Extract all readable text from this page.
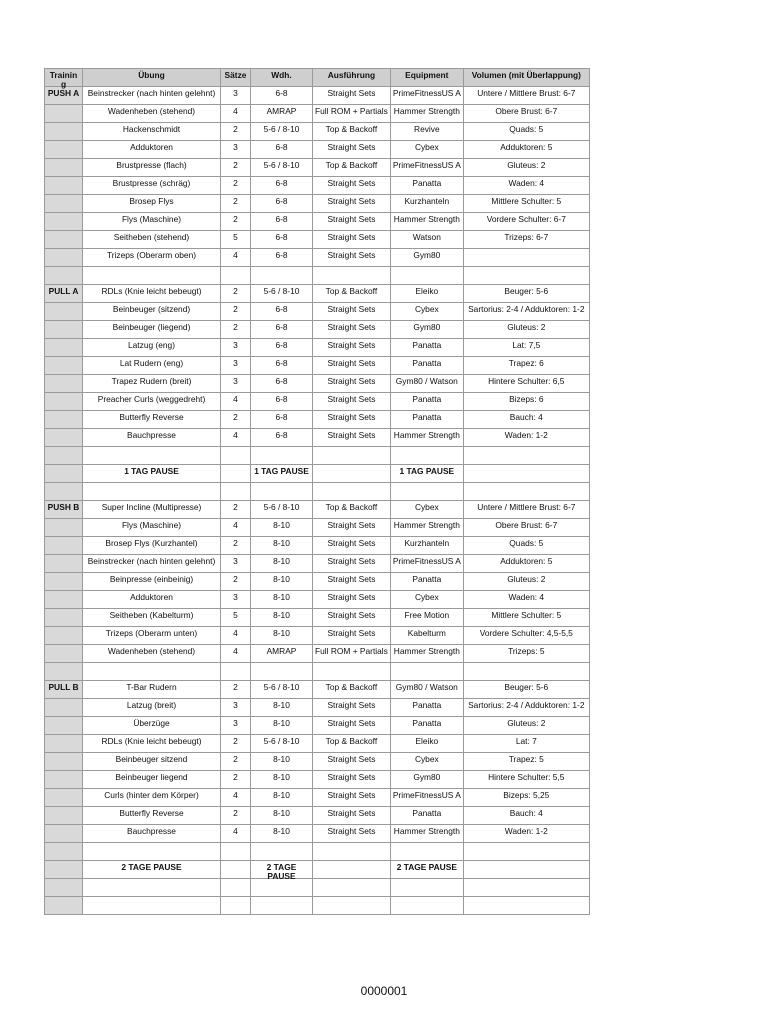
Trainin g	Übung	Sätze	Wdh.	Ausführung	Equipment	Volumen (mit Überlappung)

PUSH A	Beinstrecker (nach hinten gelehnt)	3	6-8	Straight Sets	PrimeFitnessUS A	Untere / Mittlere Brust: 6-7

	Wadenheben (stehend)	4	AMRAP	Full ROM + Partials	Hammer Strength	Obere Brust: 6-7

	Hackenschmidt	2	5-6 / 8-10	Top & Backoff	Revive	Quads: 5

	Adduktoren	3	6-8	Straight Sets	Cybex	Adduktoren: 5

	Brustpresse (flach)	2	5-6 / 8-10	Top & Backoff	PrimeFitnessUS A	Gluteus: 2

	Brustpresse (schräg)	2	6-8	Straight Sets	Panatta	Waden: 4

	Brosep Flys	2	6-8	Straight Sets	Kurzhanteln	Mittlere Schulter: 5

	Flys (Maschine)	2	6-8	Straight Sets	Hammer Strength	Vordere Schulter: 6-7

	Seitheben (stehend)	5	6-8	Straight Sets	Watson	Trizeps: 6-7

	Trizeps (Oberarm oben)	4	6-8	Straight Sets	Gym80	

PULL A	RDLs (Knie leicht bebeugt)	2	5-6 / 8-10	Top & Backoff	Eleiko	Beuger: 5-6

	Beinbeuger (sitzend)	2	6-8	Straight Sets	Cybex	Sartorius: 2-4 / Adduktoren: 1-2

	Beinbeuger (liegend)	2	6-8	Straight Sets	Gym80	Gluteus: 2

	Latzug (eng)	3	6-8	Straight Sets	Panatta	Lat: 7,5

	Lat Rudern (eng)	3	6-8	Straight Sets	Panatta	Trapez: 6

	Trapez Rudern (breit)	3	6-8	Straight Sets	Gym80 / Watson	Hintere Schulter: 6,5

	Preacher Curls (weggedreht)	4	6-8	Straight Sets	Panatta	Bizeps: 6

	Butterfly Reverse	2	6-8	Straight Sets	Panatta	Bauch: 4

	Bauchpresse	4	6-8	Straight Sets	Hammer Strength	Waden: 1-2

	1 TAG PAUSE		1 TAG PAUSE		1 TAG PAUSE	

PUSH B	Super Incline (Multipresse)	2	5-6 / 8-10	Top & Backoff	Cybex	Untere / Mittlere Brust: 6-7

	Flys (Maschine)	4	8-10	Straight Sets	Hammer Strength	Obere Brust: 6-7

	Brosep Flys (Kurzhantel)	2	8-10	Straight Sets	Kurzhanteln	Quads: 5

	Beinstrecker (nach hinten gelehnt)	3	8-10	Straight Sets	PrimeFitnessUS A	Adduktoren: 5

	Beinpresse (einbeinig)	2	8-10	Straight Sets	Panatta	Gluteus: 2

	Adduktoren	3	8-10	Straight Sets	Cybex	Waden: 4

	Seitheben (Kabelturm)	5	8-10	Straight Sets	Free Motion	Mittlere Schulter: 5

	Trizeps (Oberarm unten)	4	8-10	Straight Sets	Kabelturm	Vordere Schulter: 4,5-5,5

	Wadenheben (stehend)	4	AMRAP	Full ROM + Partials	Hammer Strength	Trizeps: 5

PULL B	T-Bar Rudern	2	5-6 / 8-10	Top & Backoff	Gym80 / Watson	Beuger: 5-6

	Latzug (breit)	3	8-10	Straight Sets	Panatta	Sartorius: 2-4 / Adduktoren: 1-2

	Überzüge	3	8-10	Straight Sets	Panatta	Gluteus: 2

	RDLs (Knie leicht bebeugt)	2	5-6 / 8-10	Top & Backoff	Eleiko	Lat: 7

	Beinbeuger sitzend	2	8-10	Straight Sets	Cybex	Trapez: 5

	Beinbeuger liegend	2	8-10	Straight Sets	Gym80	Hintere Schulter: 5,5

	Curls (hinter dem Körper)	4	8-10	Straight Sets	PrimeFitnessUS A	Bizeps: 5,25

	Butterfly Reverse	2	8-10	Straight Sets	Panatta	Bauch: 4

	Bauchpresse	4	8-10	Straight Sets	Hammer Strength	Waden: 1-2

	2 TAGE PAUSE		2 TAGE PAUSE		2 TAGE PAUSE	

0000001
